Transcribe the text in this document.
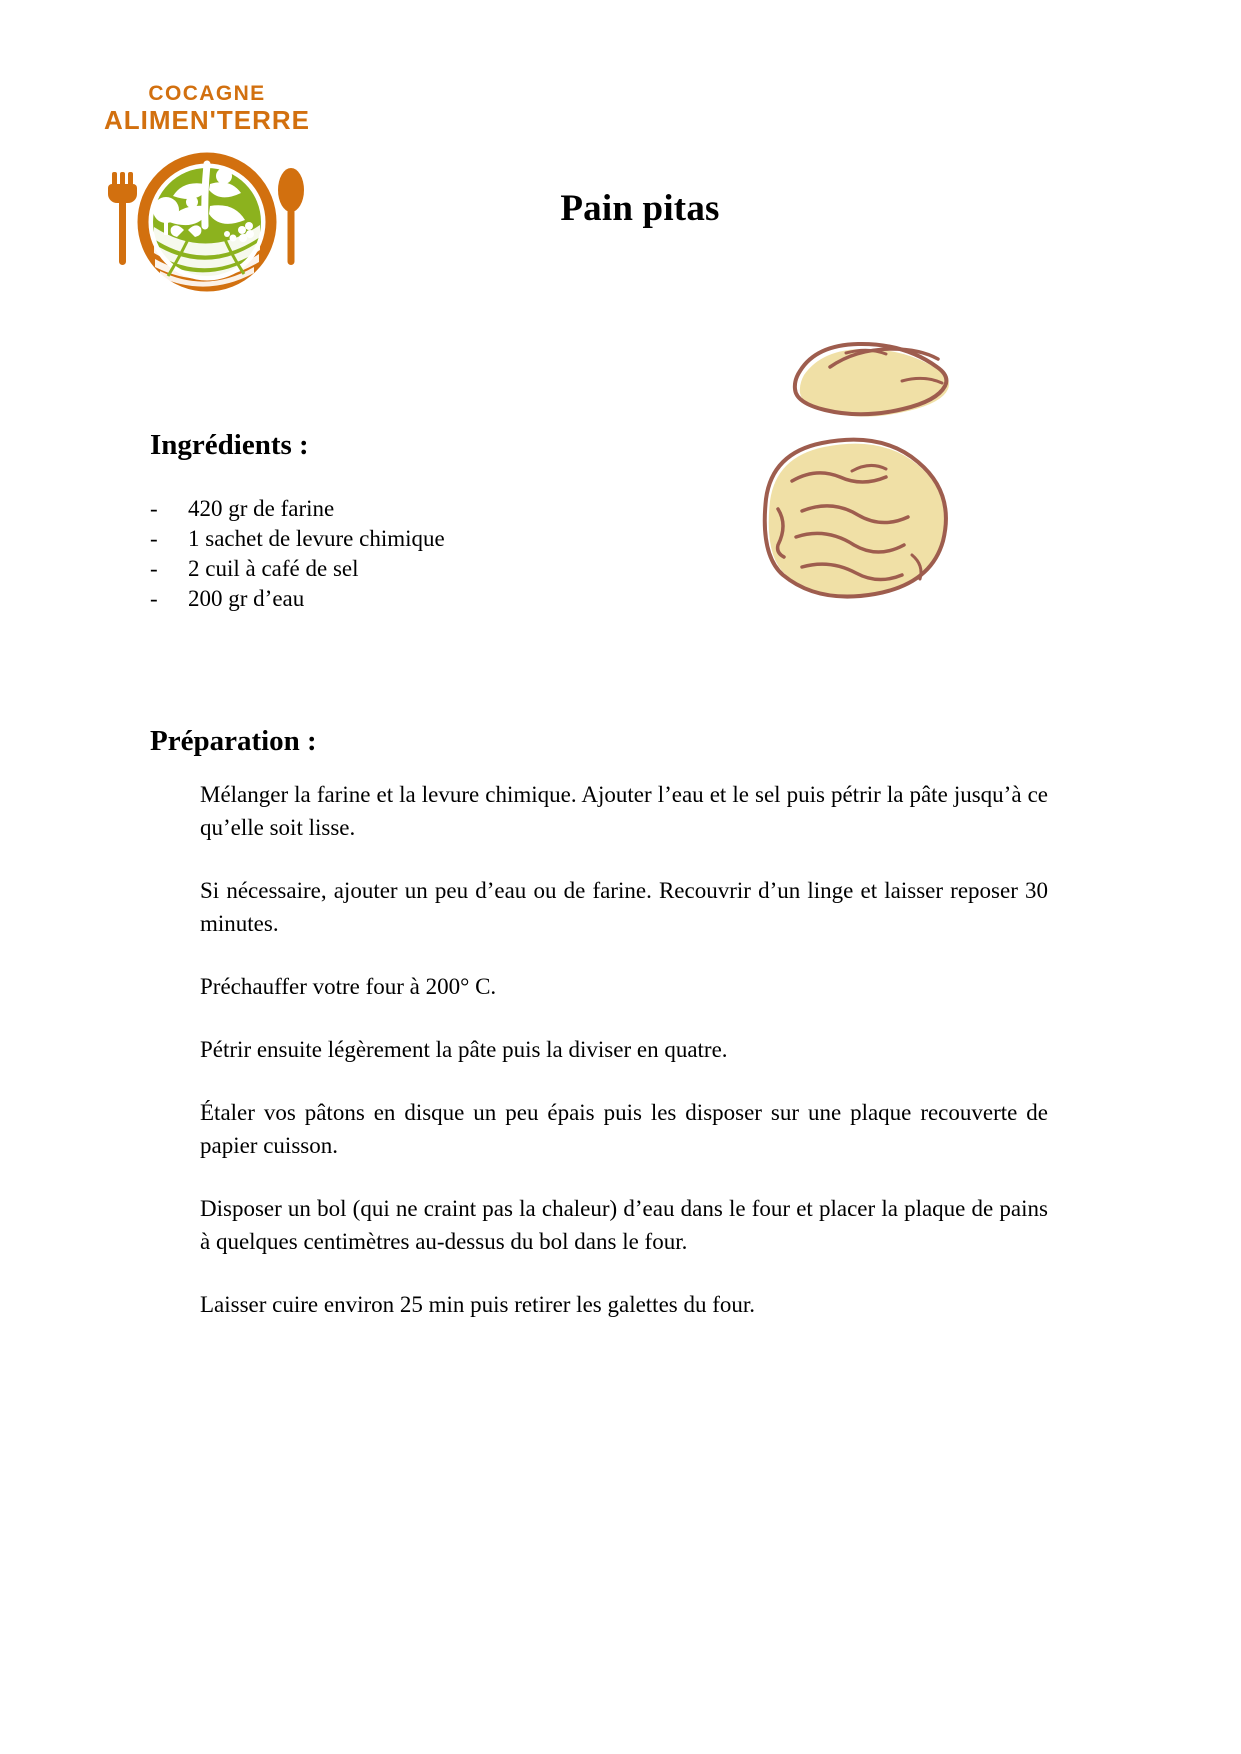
COCAGNE
ALIMEN'TERRE
Pain pitas
Ingrédients :
-	420 gr de farine
-	1 sachet de levure chimique
-	2 cuil à café de sel
-	200 gr d’eau
Préparation :

Mélanger la farine et la levure chimique. Ajouter l’eau et le sel puis pétrir la pâte jusqu’à ce qu’elle soit lisse.

Si nécessaire, ajouter un peu d’eau ou de farine. Recouvrir d’un linge et laisser reposer 30 minutes.

Préchauffer votre four à 200° C.

Pétrir ensuite légèrement la pâte puis la diviser en quatre.

Étaler vos pâtons en disque un peu épais puis les disposer sur une plaque recouverte de papier cuisson.

Disposer un bol (qui ne craint pas la chaleur) d’eau dans le four et placer la plaque de pains à quelques centimètres au-dessus du bol dans le four.

Laisser cuire environ 25 min puis retirer les galettes du four.
